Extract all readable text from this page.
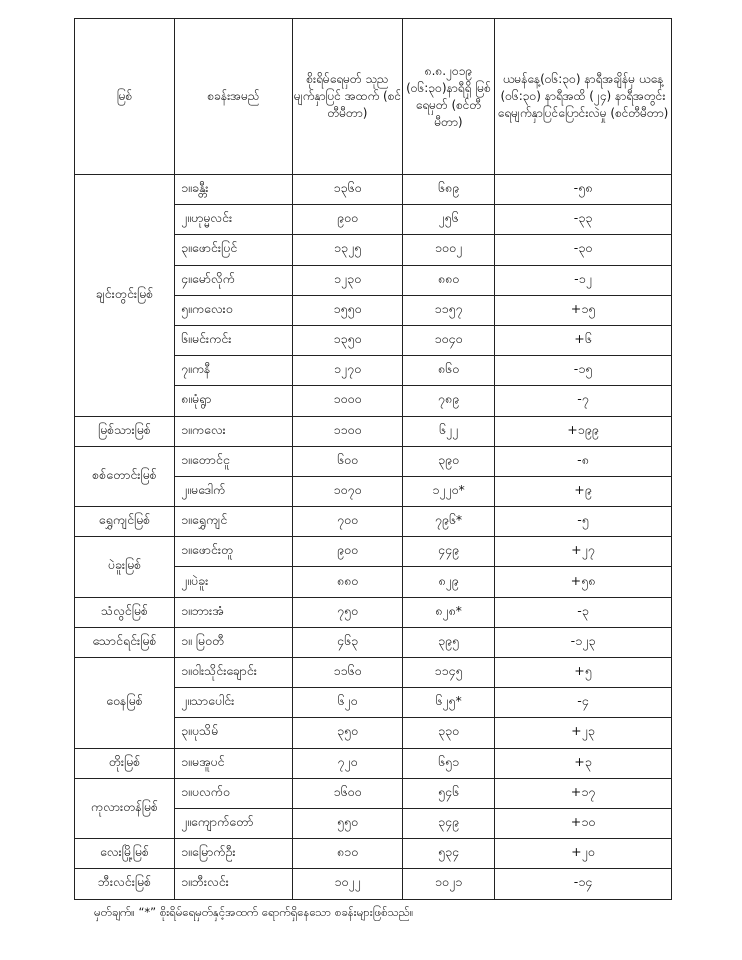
မြစ်	စခန်းအမည်	စိုးရိမ်ရေမှတ် သုညမျက်နှာပြင် အထက် (စင်တီမီတာ)	၈.၈.၂၀၁၉ (၀၆:၃၀)နာရီရှိ မြစ်ရေမှတ် (စင်တီမီတာ)	ယမန်နေ့(၀၆:၃၀) နာရီအချိန်မှ ယနေ့ (၀၆:၃၀) နာရီအထိ (၂၄) နာရီအတွင်း ရေမျက်နှာပြင်ပြောင်းလဲမှု (စင်တီမီတာ)
ချင်းတွင်းမြစ်	၁။ခန္တီး	၁၃၆၀	၆၈၉	-၅၈
	၂။ဟုမ္မလင်း	၉၀၀	၂၅၆	-၃၃
	၃။ဖောင်းပြင်	၁၃၂၅	၁၀၀၂	-၃၀
	၄။မော်လိုက်	၁၂၃၀	၈၈၀	-၁၂
	၅။ကလေးဝ	၁၅၅၀	၁၁၅၇	+၁၅
	၆။မင်းကင်း	၁၃၅၀	၁၀၄၀	+၆
	၇။ကနီ	၁၂၇၀	၈၆၀	-၁၅
	၈။မုံရွာ	၁၀၀၀	၇၈၉	-၇
မြစ်သားမြစ်	၁။ကလေး	၁၁၀၀	၆၂၂	+၁၉၉
စစ်တောင်းမြစ်	၁။တောင်ငူ	၆၀၀	၃၉၀	-၈
	၂။မဒေါက်	၁၀၇၀	၁၂၂၀*	+၉
ရွှေကျင်မြစ်	၁။ရွှေကျင်	၇၀၀	၇၉၆*	-၅
ပဲခူးမြစ်	၁။ဖောင်းတူ	၉၀၀	၄၄၉	+၂၇
	၂။ပဲခူး	၈၈၀	၈၂၉	+၅၈
သံလွင်မြစ်	၁။ဘားအံ	၇၅၀	၈၂၈*	-၃
သောင်ရင်းမြစ်	၁။ မြဝတီ	၄၆၃	၃၉၅	-၁၂၃
ဝေနမြစ်	၁။ဝါးသိုင်းချောင်း	၁၁၆၀	၁၁၄၅	+၅
	၂။သာပေါင်း	၆၂၀	၆၂၅*	-၄
	၃။ပုသိမ်	၃၅၀	၃၃၀	+၂၃
တိုးမြစ်	၁။မအူပင်	၇၂၀	၆၅၁	+၃
ကုလားတန်မြစ်	၁။ပလက်ဝ	၁၆၀၀	၅၄၆	+၁၇
	၂။ကျောက်တော်	၅၅၀	၃၄၉	+၁၀
လေးမြို့မြစ်	၁။မြောက်ဦး	၈၁၀	၅၃၄	+၂၀
ဘီးလင်းမြစ်	၁။ဘီးလင်း	၁၀၂၂	၁၀၂၁	-၁၄
မှတ်ချက်။ “*” စိုးရိမ်ရေမှတ်နှင့်အထက် ရောက်ရှိနေသော စခန်းများဖြစ်သည်။
